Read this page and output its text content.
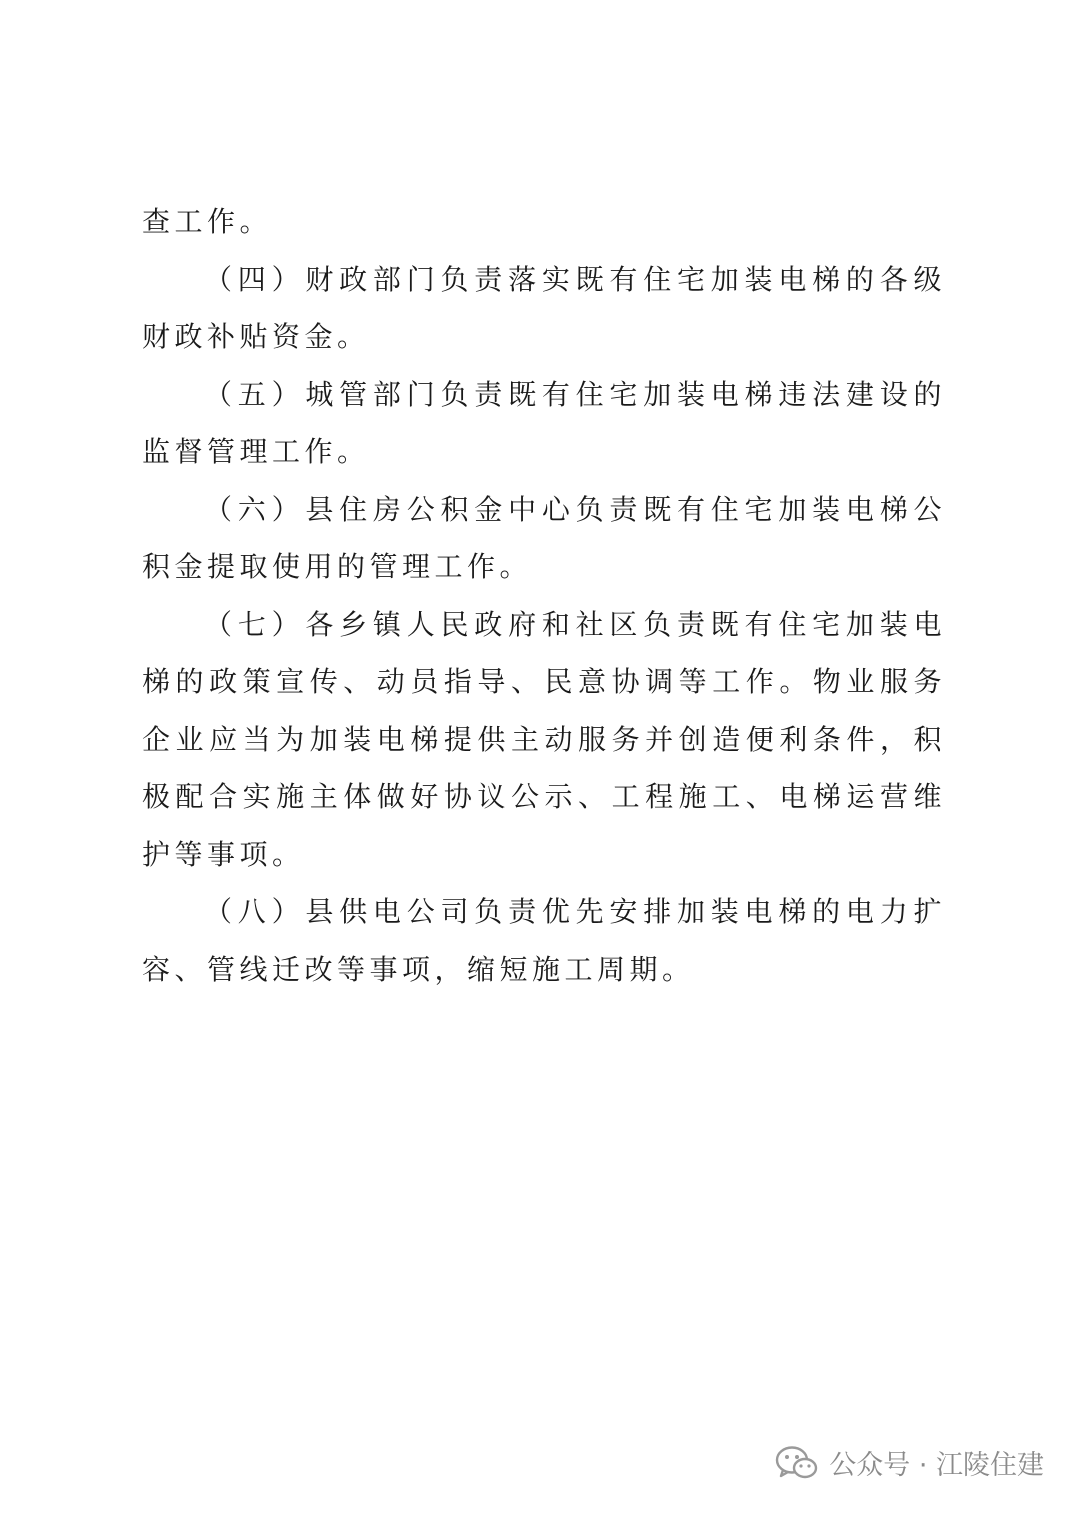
查工作。

（四）财政部门负责落实既有住宅加装电梯的各级财政补贴资金。

（五）城管部门负责既有住宅加装电梯违法建设的监督管理工作。

（六）县住房公积金中心负责既有住宅加装电梯公积金提取使用的管理工作。

（七）各乡镇人民政府和社区负责既有住宅加装电梯的政策宣传、动员指导、民意协调等工作。物业服务企业应当为加装电梯提供主动服务并创造便利条件，积极配合实施主体做好协议公示、工程施工、电梯运营维护等事项。

（八）县供电公司负责优先安排加装电梯的电力扩容、管线迁改等事项，缩短施工周期。

公众号 · 江陵住建
